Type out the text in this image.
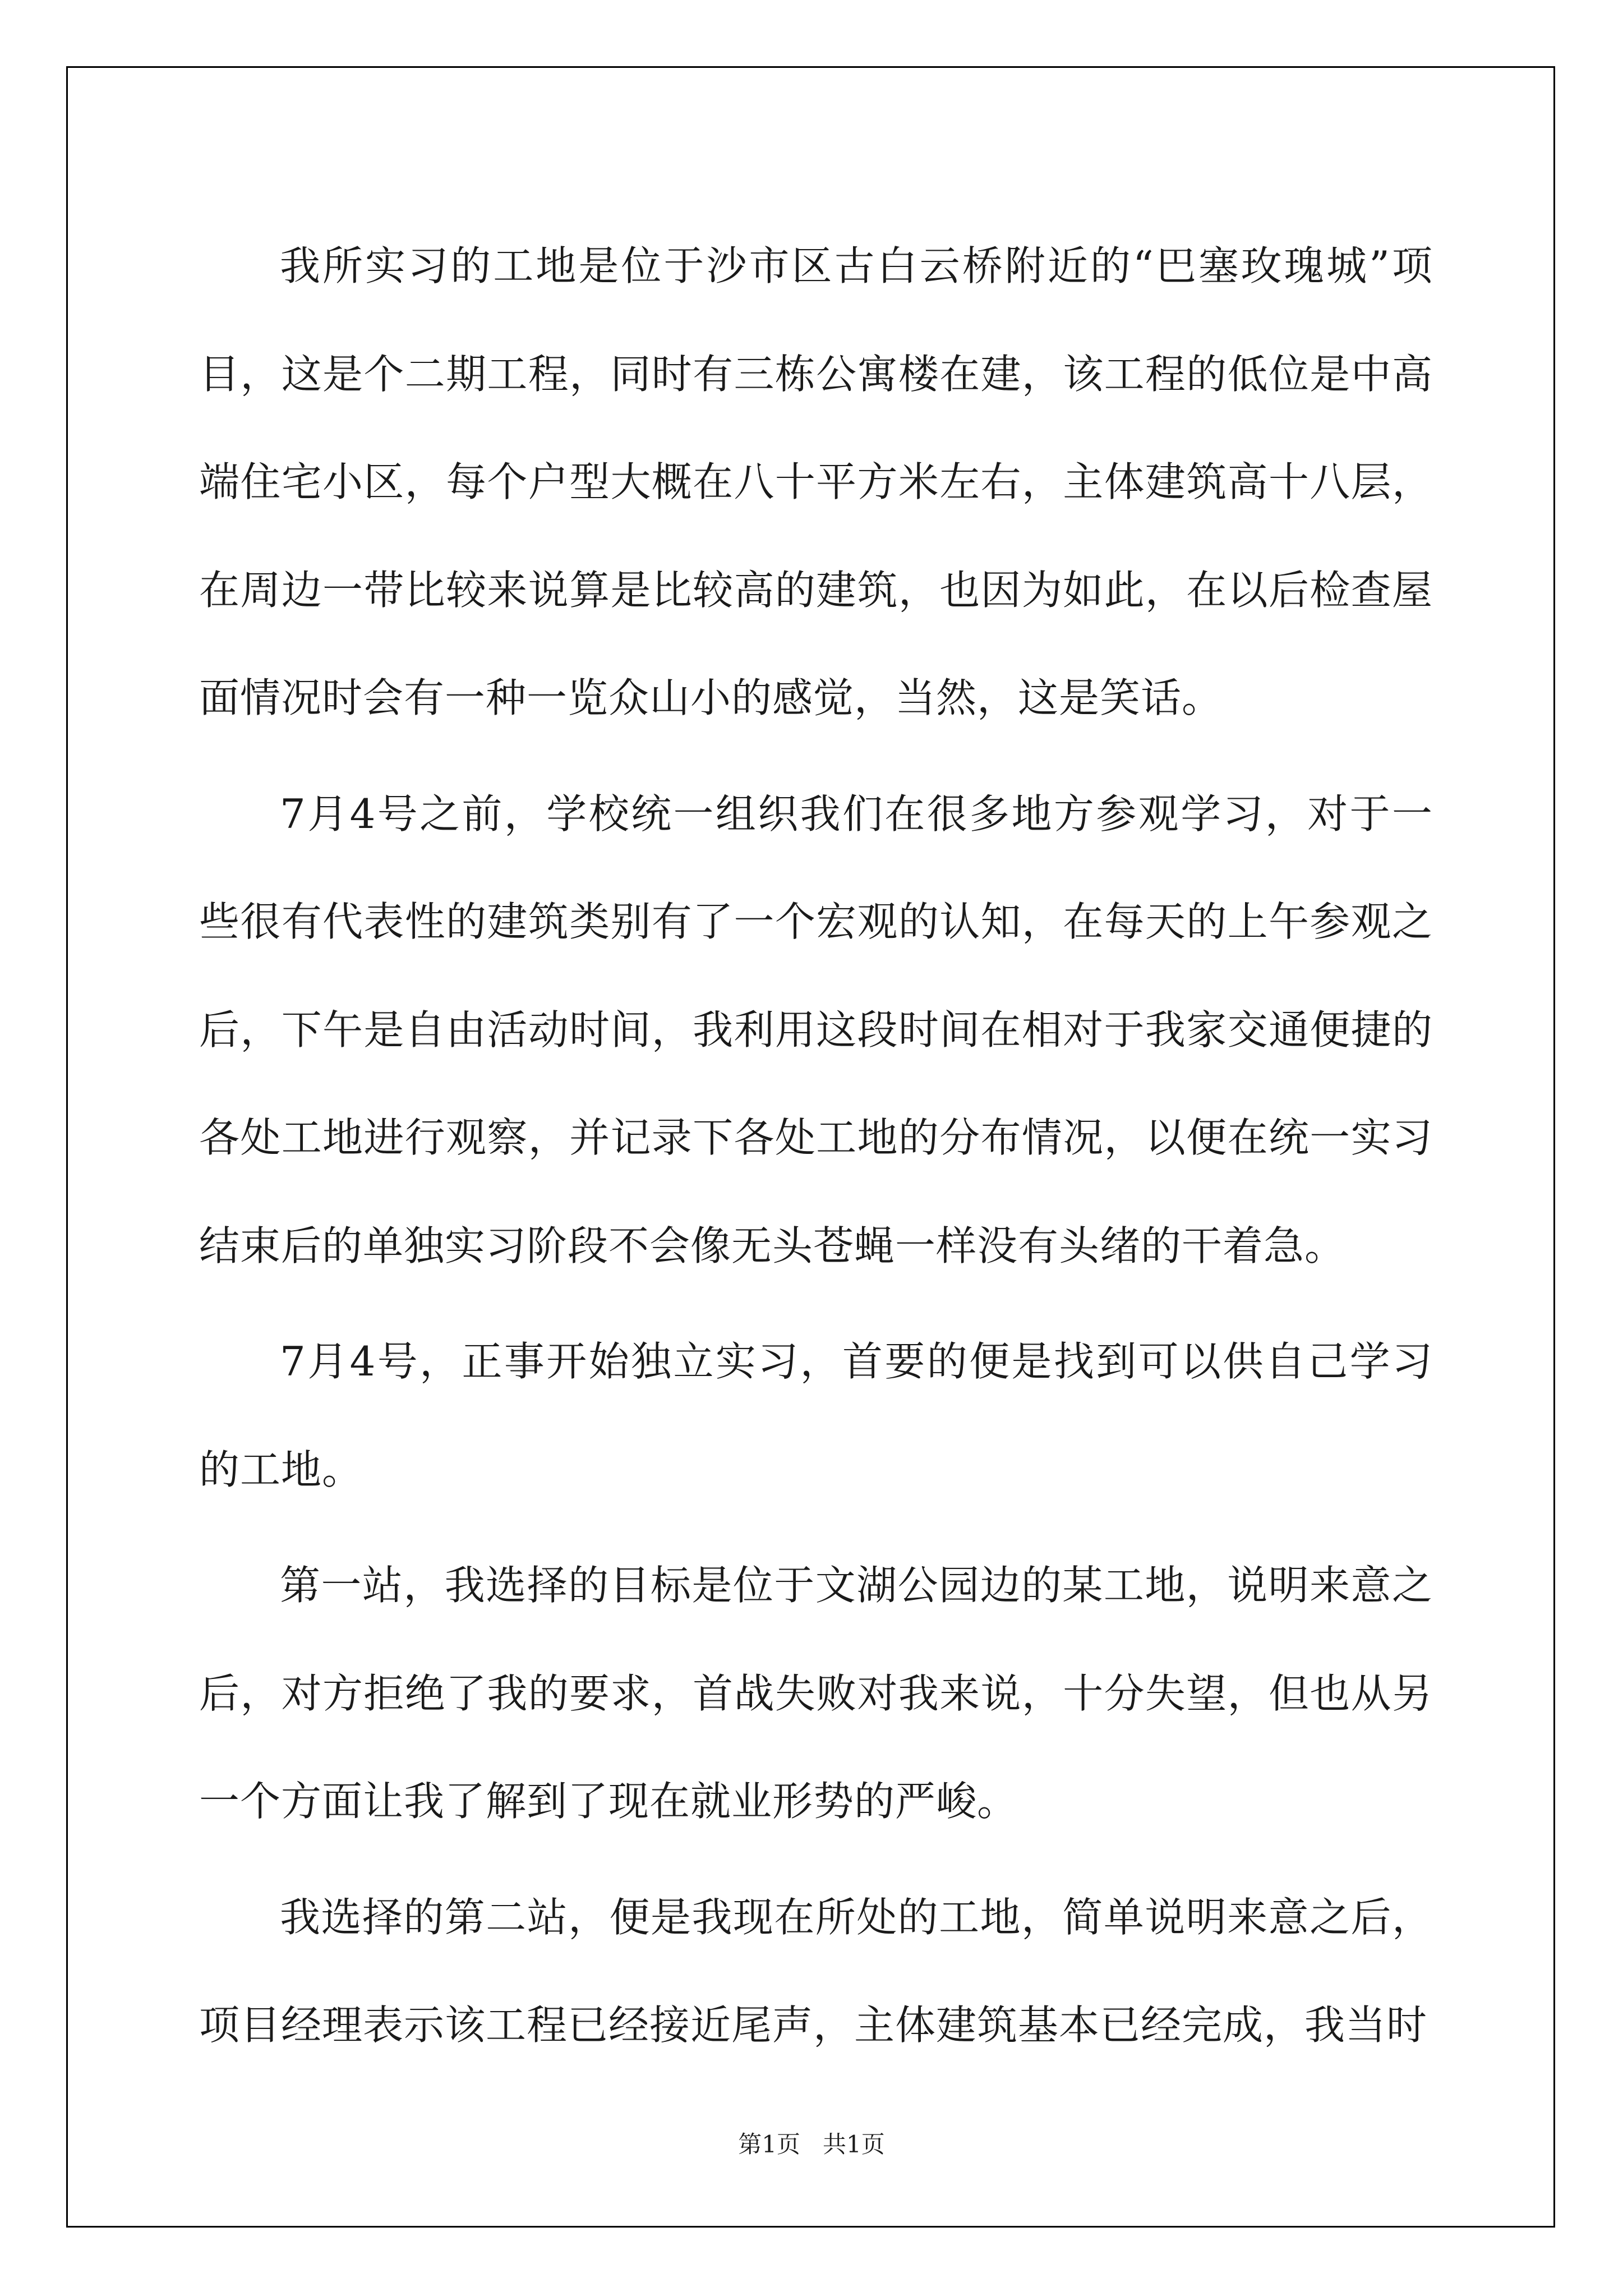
我所实习的工地是位于沙市区古白云桥附近的“巴塞玫瑰城”项目，这是个二期工程，同时有三栋公寓楼在建，该工程的低位是中高端住宅小区，每个户型大概在八十平方米左右，主体建筑高十八层，在周边一带比较来说算是比较高的建筑，也因为如此，在以后检查屋面情况时会有一种一览众山小的感觉，当然，这是笑话。

7月4号之前，学校统一组织我们在很多地方参观学习，对于一些很有代表性的建筑类别有了一个宏观的认知，在每天的上午参观之后，下午是自由活动时间，我利用这段时间在相对于我家交通便捷的各处工地进行观察，并记录下各处工地的分布情况，以便在统一实习结束后的单独实习阶段不会像无头苍蝇一样没有头绪的干着急。

7月4号，正事开始独立实习，首要的便是找到可以供自己学习的工地。

第一站，我选择的目标是位于文湖公园边的某工地，说明来意之后，对方拒绝了我的要求，首战失败对我来说，十分失望，但也从另一个方面让我了解到了现在就业形势的严峻。

我选择的第二站，便是我现在所处的工地，简单说明来意之后，项目经理表示该工程已经接近尾声，主体建筑基本已经完成，我当时

第1页 共1页
